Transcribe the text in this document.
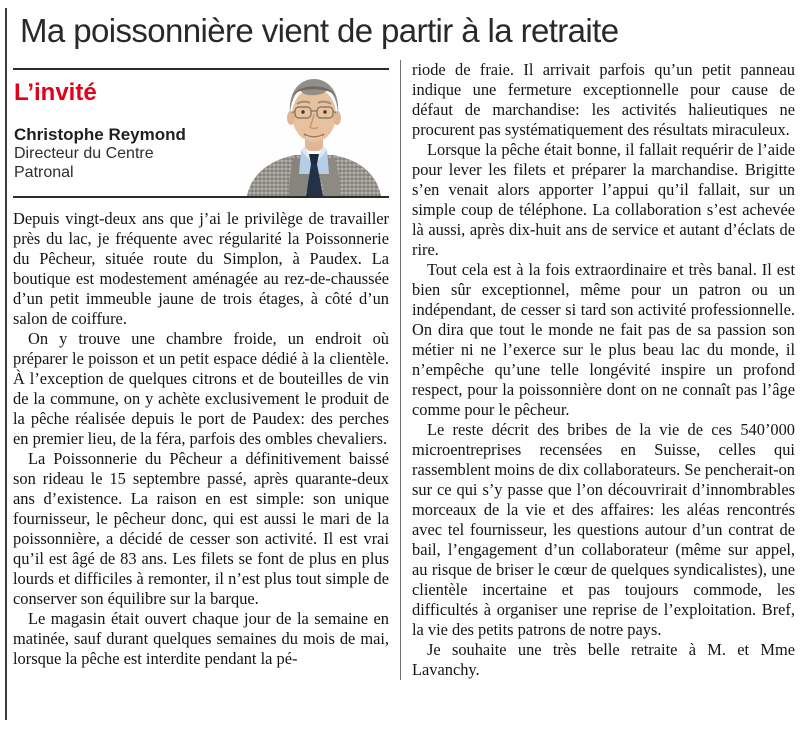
Ma poissonnière vient de partir à la retraite
L’invité
Christophe Reymond
Directeur du Centre Patronal

Depuis vingt-deux ans que j’ai le privilège de travailler près du lac, je fréquente avec régularité la Poissonnerie du Pêcheur, située route du Simplon, à Paudex. La boutique est modestement aménagée au rez-de-chaussée d’un petit immeuble jaune de trois étages, à côté d’un salon de coiffure.

On y trouve une chambre froide, un endroit où préparer le poisson et un petit espace dédié à la clientèle. À l’exception de quelques citrons et de bouteilles de vin de la commune, on y achète exclusivement le produit de la pêche réalisée depuis le port de Paudex: des perches en premier lieu, de la féra, parfois des ombles chevaliers.

La Poissonnerie du Pêcheur a définitivement baissé son rideau le 15 septembre passé, après quarante-deux ans d’existence. La raison en est simple: son unique fournisseur, le pêcheur donc, qui est aussi le mari de la poissonnière, a décidé de cesser son activité. Il est vrai qu’il est âgé de 83 ans. Les filets se font de plus en plus lourds et difficiles à remonter, il n’est plus tout simple de conserver son équilibre sur la barque.

Le magasin était ouvert chaque jour de la semaine en matinée, sauf durant quelques semaines du mois de mai, lorsque la pêche est interdite pendant la pé-

riode de fraie. Il arrivait parfois qu’un petit panneau indique une fermeture exceptionnelle pour cause de défaut de marchandise: les activités halieutiques ne procurent pas systématiquement des résultats miraculeux.

Lorsque la pêche était bonne, il fallait requérir de l’aide pour lever les filets et préparer la marchandise. Brigitte s’en venait alors apporter l’appui qu’il fallait, sur un simple coup de téléphone. La collaboration s’est achevée là aussi, après dix-huit ans de service et autant d’éclats de rire.

Tout cela est à la fois extraordinaire et très banal. Il est bien sûr exceptionnel, même pour un patron ou un indépendant, de cesser si tard son activité professionnelle. On dira que tout le monde ne fait pas de sa passion son métier ni ne l’exerce sur le plus beau lac du monde, il n’empêche qu’une telle longévité inspire un profond respect, pour la poissonnière dont on ne connaît pas l’âge comme pour le pêcheur.

Le reste décrit des bribes de la vie de ces 540’000 microentreprises recensées en Suisse, celles qui rassemblent moins de dix collaborateurs. Se pencherait-on sur ce qui s’y passe que l’on découvrirait d’innombrables morceaux de la vie et des affaires: les aléas rencontrés avec tel fournisseur, les questions autour d’un contrat de bail, l’engagement d’un collaborateur (même sur appel, au risque de briser le cœur de quelques syndicalistes), une clientèle incertaine et pas toujours commode, les difficultés à organiser une reprise de l’exploitation. Bref, la vie des petits patrons de notre pays.

Je souhaite une très belle retraite à M. et Mme Lavanchy.
